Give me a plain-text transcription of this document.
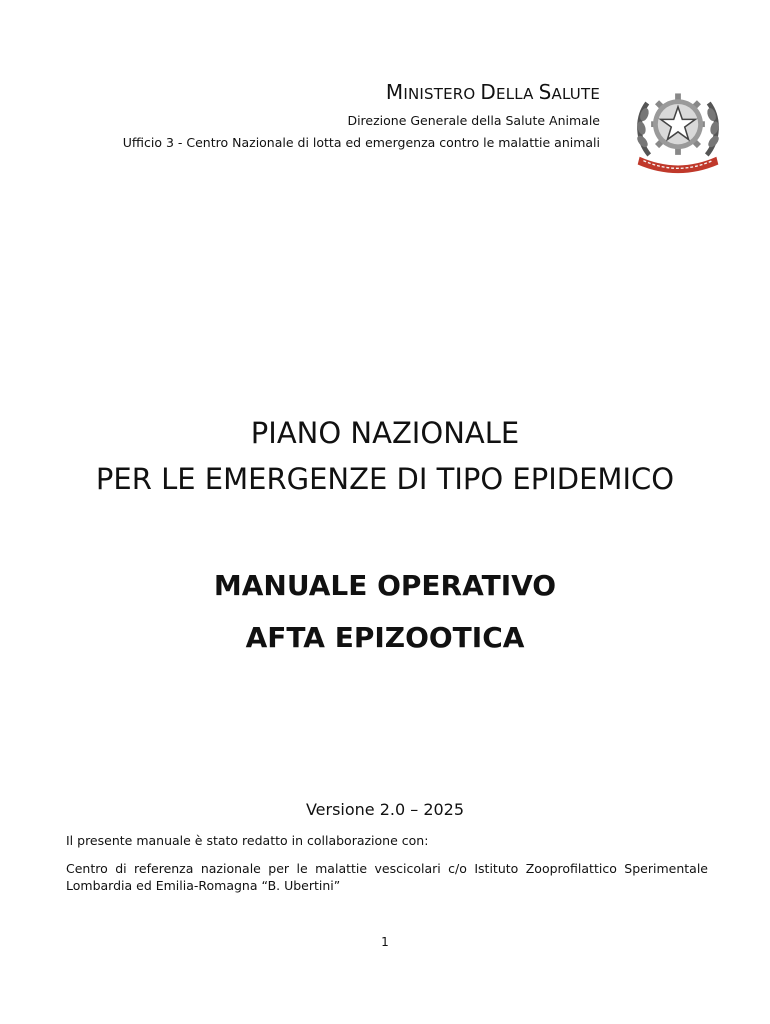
MINISTERO DELLA SALUTE
Direzione Generale della Salute Animale
Ufficio 3 - Centro Nazionale di lotta ed emergenza contro le malattie animali
PIANO NAZIONALE
PER LE EMERGENZE DI TIPO EPIDEMICO
MANUALE OPERATIVO
AFTA EPIZOOTICA
Versione 2.0 – 2025
Il presente manuale è stato redatto in collaborazione con:
Centro di referenza nazionale per le malattie vescicolari c/o Istituto Zooprofilattico Sperimentale Lombardia ed Emilia-Romagna “B. Ubertini”
1
